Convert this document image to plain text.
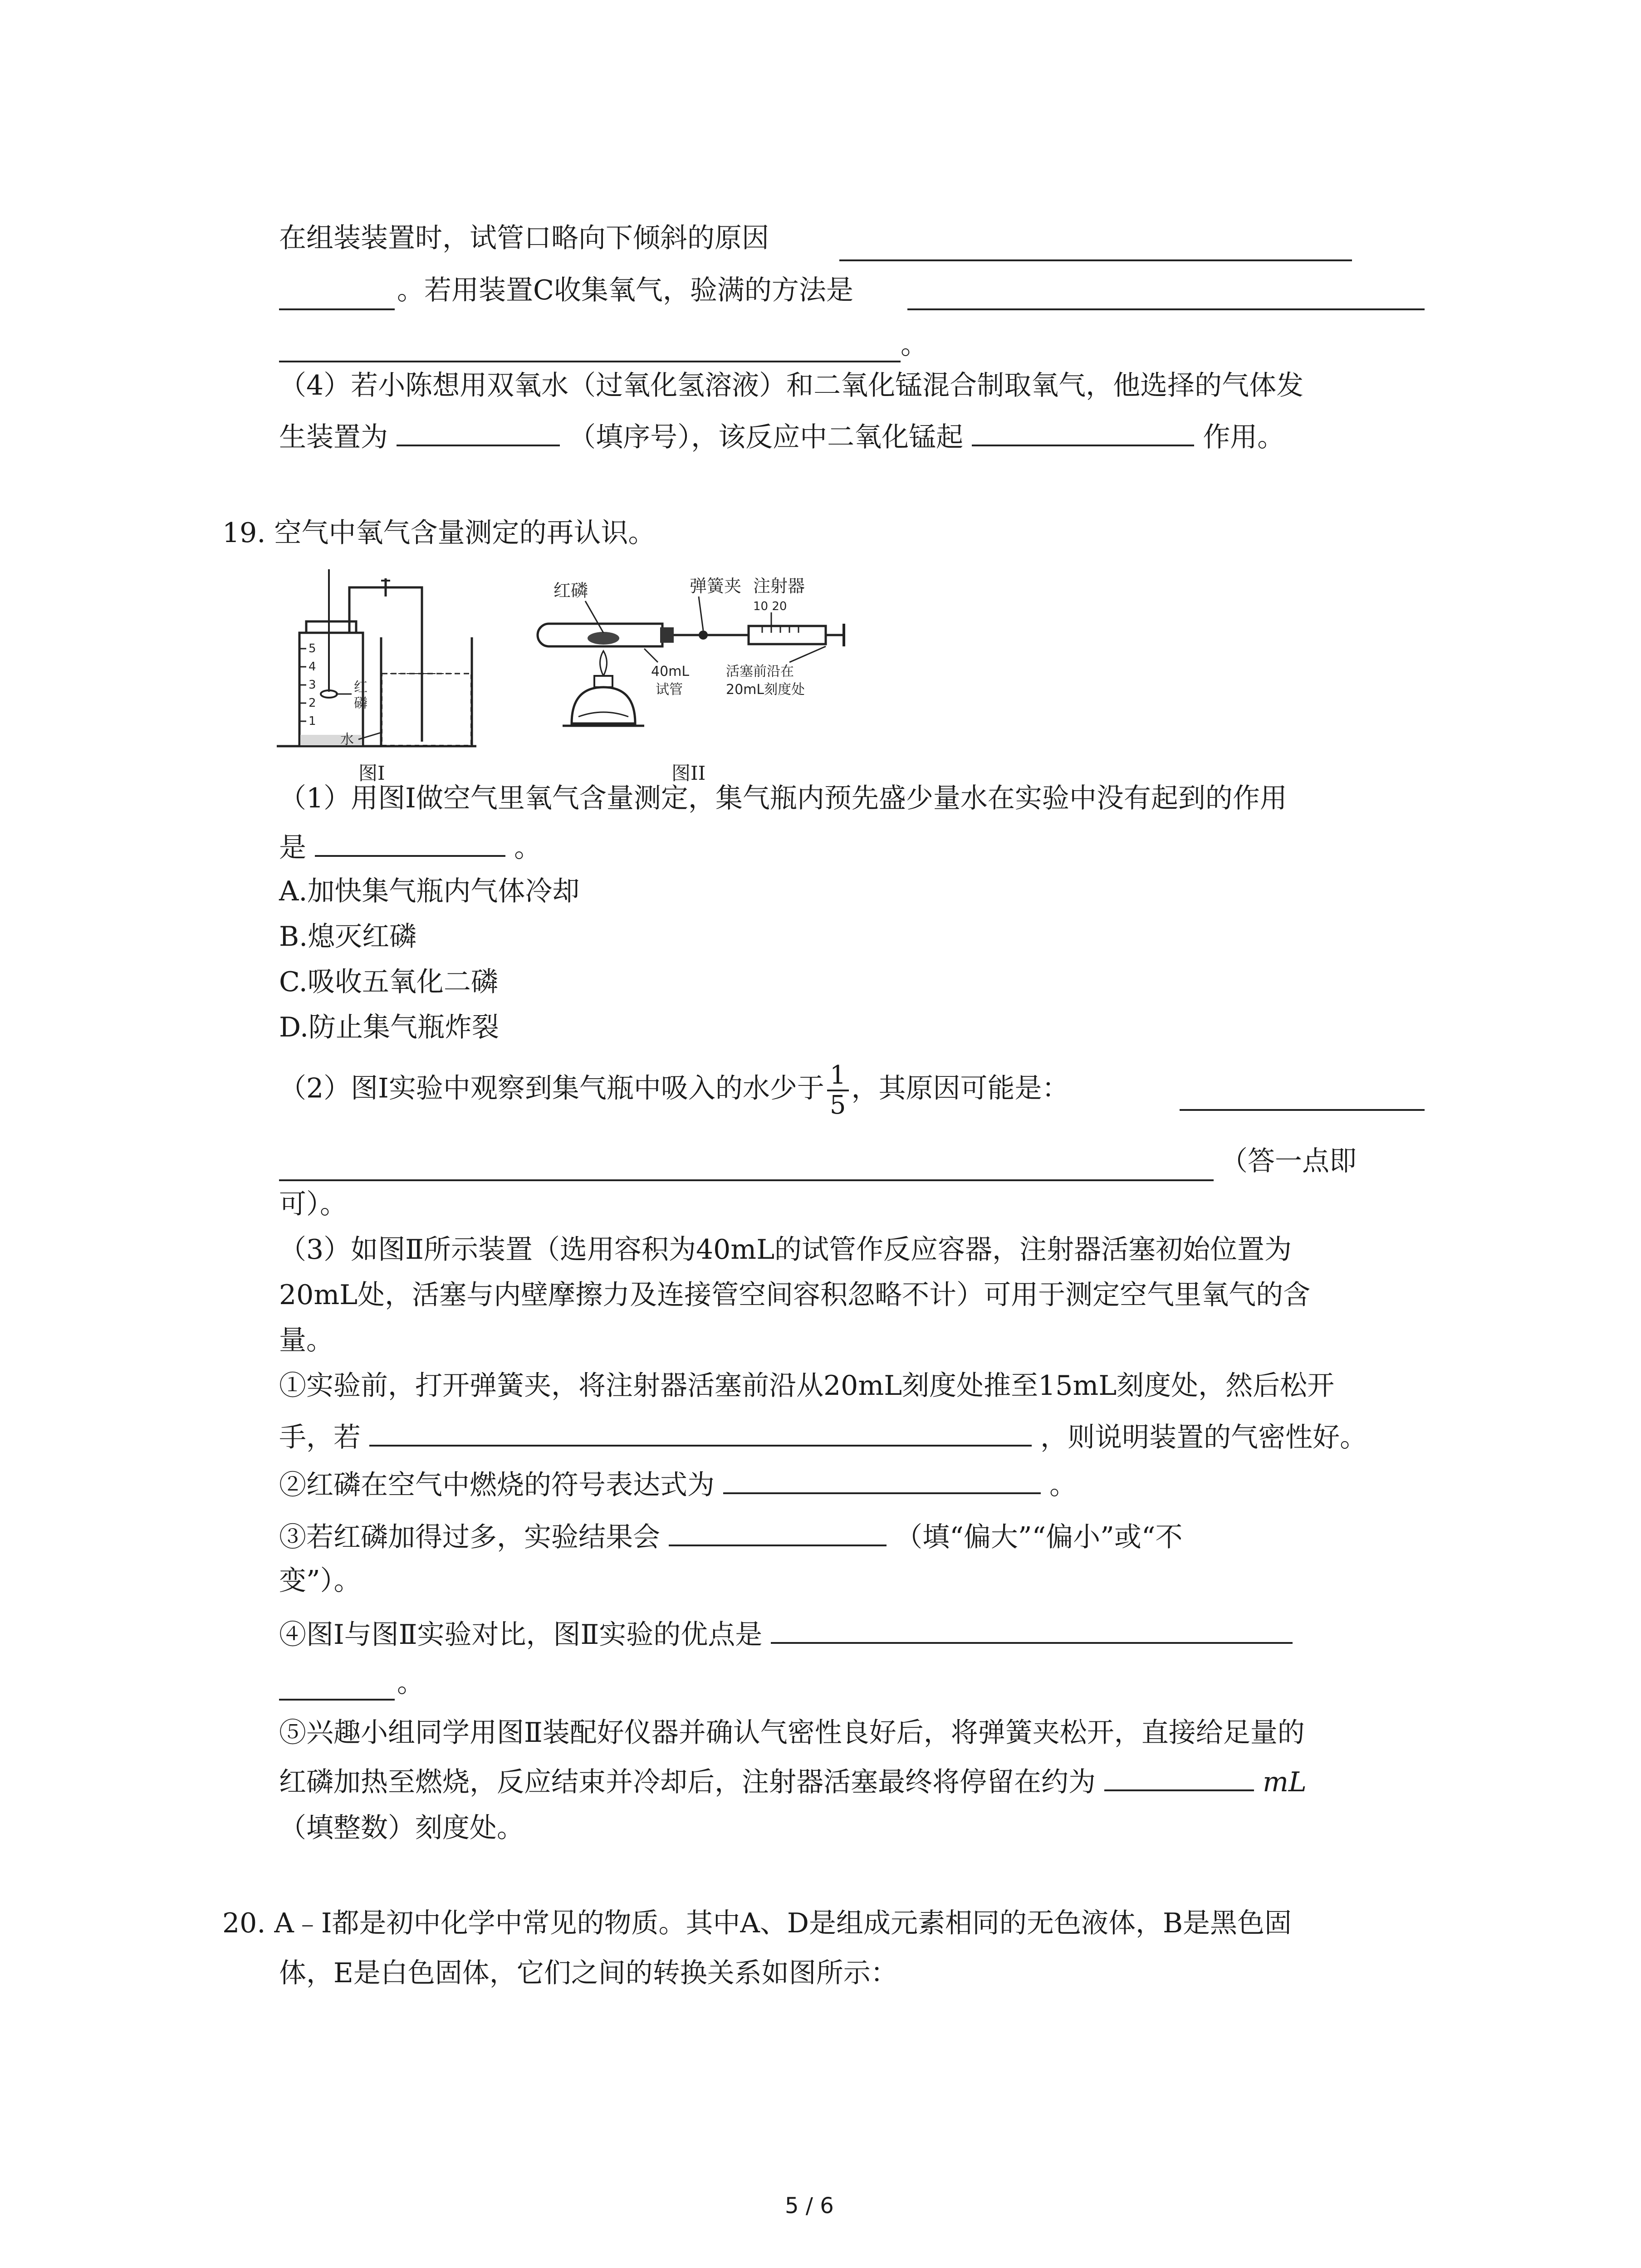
在组装装置时，试管口略向下倾斜的原因
。若用装置C收集氧气，验满的方法是
。
（4）若小陈想用双氧水（过氧化氢溶液）和二氧化锰混合制取氧气，他选择的气体发
生装置为	（填序号），该反应中二氧化锰起	作用。
19. 空气中氧气含量测定的再认识。
5
4
3
2
1
红
磷
水
图I
红磷	弹簧夹 注射器
10 20
40mL
试管
活塞前沿在
20mL刻度处
图II
（1）用图Ⅰ做空气里氧气含量测定，集气瓶内预先盛少量水在实验中没有起到的作用
是	。
A.加快集气瓶内气体冷却
B.熄灭红磷
C.吸收五氧化二磷
D.防止集气瓶炸裂
（2）图Ⅰ实验中观察到集气瓶中吸入的水少于 $\frac{1}{5}$ ，其原因可能是：
（答一点即
可）。
（3）如图Ⅱ所示装置（选用容积为40mL的试管作反应容器，注射器活塞初始位置为
20mL处，活塞与内壁摩擦力及连接管空间容积忽略不计）可用于测定空气里氧气的含
量。
①实验前，打开弹簧夹，将注射器活塞前沿从20mL刻度处推至15mL刻度处，然后松开
手，若	，则说明装置的气密性好。
②红磷在空气中燃烧的符号表达式为	。
③若红磷加得过多，实验结果会	（填“偏大”“偏小”或“不
变”）。
④图Ⅰ与图Ⅱ实验对比，图Ⅱ实验的优点是
。
⑤兴趣小组同学用图Ⅱ装配好仪器并确认气密性良好后，将弹簧夹松开，直接给足量的
红磷加热至燃烧，反应结束并冷却后，注射器活塞最终将停留在约为	mL
（填整数）刻度处。
20. A﹣I都是初中化学中常见的物质。其中A、D是组成元素相同的无色液体，B是黑色固
体，E是白色固体，它们之间的转换关系如图所示：
5 / 6
